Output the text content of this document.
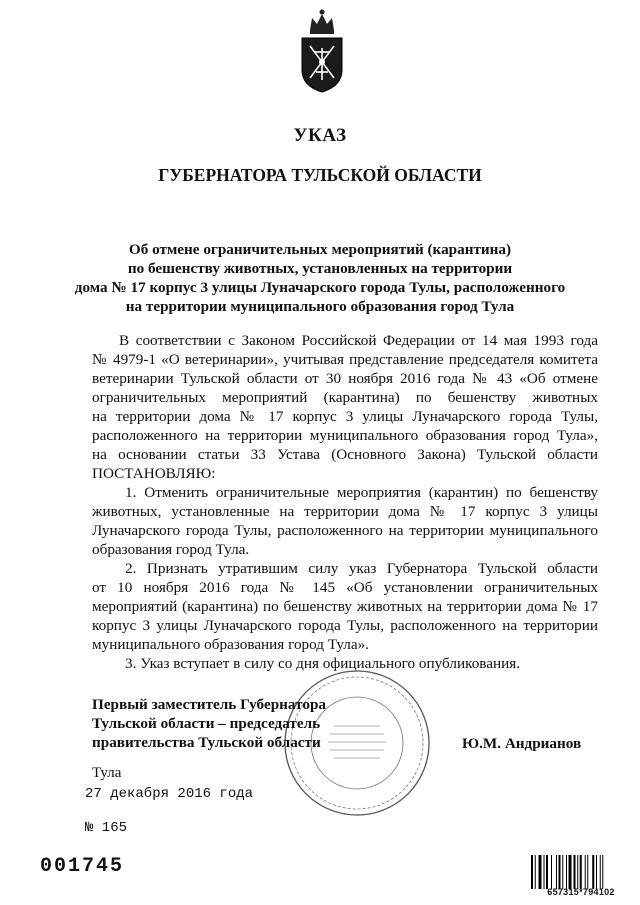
УКАЗ
ГУБЕРНАТОРА ТУЛЬСКОЙ ОБЛАСТИ
Об отмене ограничительных мероприятий (карантина)
по бешенству животных, установленных на территории
дома № 17 корпус 3 улицы Луначарского города Тулы, расположенного
на территории муниципального образования город Тула
В соответствии с Законом Российской Федерации от 14 мая 1993 года
№ 4979-1 «О ветеринарии», учитывая представление председателя комитета
ветеринарии Тульской области от 30 ноября 2016 года № 43 «Об отмене
ограничительных мероприятий (карантина) по бешенству животных
на территории дома № 17 корпус 3 улицы Луначарского города Тулы,
расположенного на территории муниципального образования город Тула»,
на основании статьи 33 Устава (Основного Закона) Тульской области
ПОСТАНОВЛЯЮ:
1. Отменить ограничительные мероприятия (карантин) по бешенству
животных, установленные на территории дома № 17 корпус 3 улицы
Луначарского города Тулы, расположенного на территории муниципального
образования город Тула.
2. Признать утратившим силу указ Губернатора Тульской области
от 10 ноября 2016 года № 145 «Об установлении ограничительных
мероприятий (карантина) по бешенству животных на территории дома № 17
корпус 3 улицы Луначарского города Тулы, расположенного на территории
муниципального образования город Тула».
3. Указ вступает в силу со дня официального опубликования.
Первый заместитель Губернатора
Тульской области – председатель
правительства Тульской области	Ю.М. Андрианов
Тула
27 декабря 2016 года
№ 165
001745
657315*794102
